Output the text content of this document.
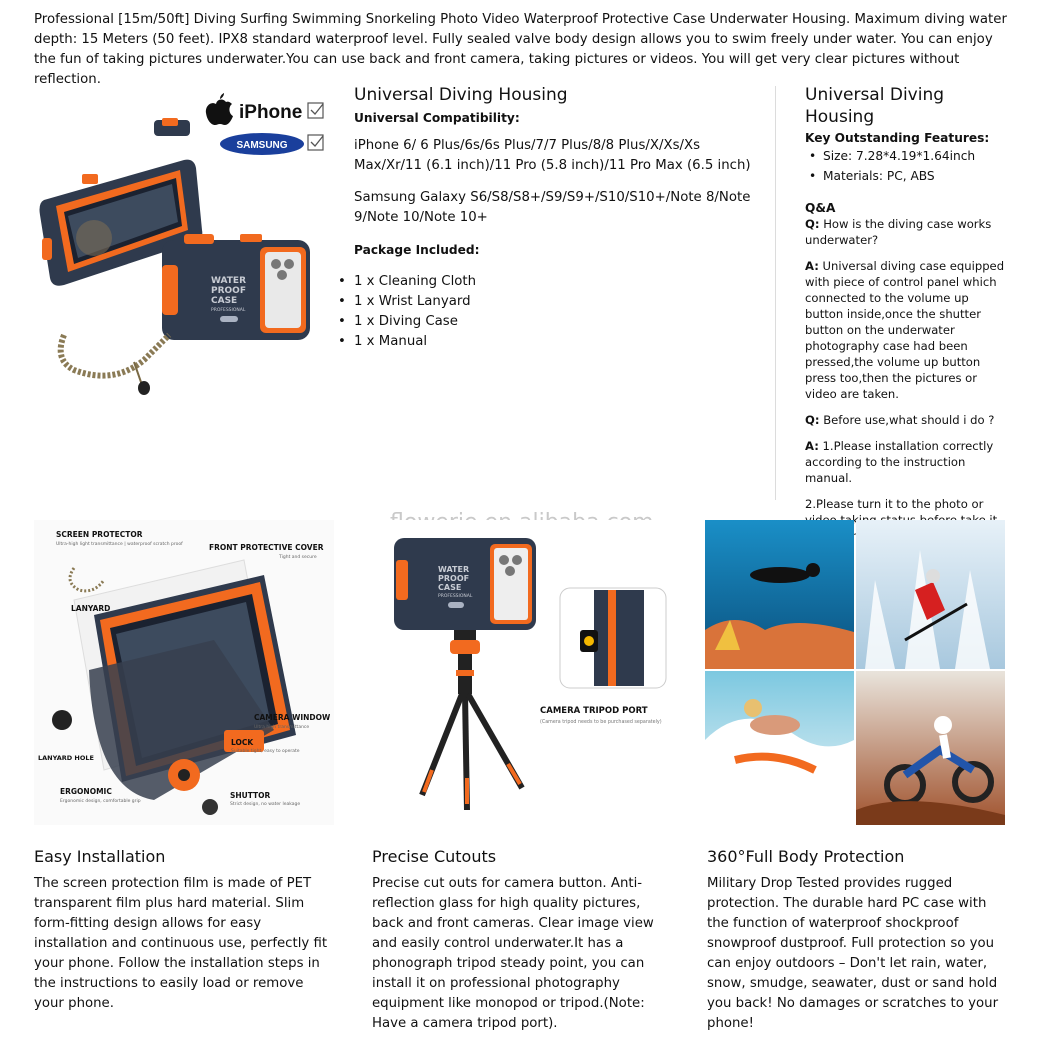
Professional [15m/50ft] Diving Surfing Swimming Snorkeling Photo Video Waterproof Protective Case Underwater Housing. Maximum diving water depth: 15 Meters (50 feet). IPX8 standard waterproof level. Fully sealed valve body design allows you to swim freely under water. You can enjoy the fun of taking pictures underwater.You can use back and front camera, taking pictures or videos. You will get very clear pictures without reflection.
iPhone
SAMSUNG
WATER
PROOF
CASE
PROFESSIONAL
Universal Diving Housing
Universal Compatibility:

iPhone 6/ 6 Plus/6s/6s Plus/7/7 Plus/8/8 Plus/X/Xs/Xs Max/Xr/11 (6.1 inch)/11 Pro (5.8 inch)/11 Pro Max (6.5 inch)

Samsung Galaxy S6/S8/S8+/S9/S9+/S10/S10+/Note 8/Note 9/Note 10/Note 10+

Package Included:
• 1 x Cleaning Cloth
• 1 x Wrist Lanyard
• 1 x Diving Case
• 1 x Manual
Universal Diving Housing
Key Outstanding Features:
• Size: 7.28*4.19*1.64inch
• Materials: PC, ABS
Q&A

Q: How is the diving case works underwater?

A: Universal diving case equipped with piece of control panel which connected to the volume up button inside,once the shutter button on the underwater photography case had been pressed,the volume up button press too,then the pictures or video are taken.

Q: Before use,what should i do ?

A: 1.Please installation correctly according to the instruction manual.

2.Please turn it to the photo or

SCREEN PROTECTOR
Ultra-high light transmittance | waterproof scratch proof	FRONT PROTECTIVE COVER
Tight and secure
LANYARD
CAMERA WINDOW
Ultra high transmittance
LANYARD HOLE
LOCK
Suitable tight, easy to operate
ERGONOMIC
Ergonomic design, comfortable grip
SHUTTOR
Strict design, no water leakage
WATER
PROOF
CASE
PROFESSIONAL
CAMERA TRIPOD PORT
(Camera tripod needs to be purchased separately)
Easy Installation

The screen protection film is made of PET transparent film plus hard material. Slim form-fitting design allows for easy installation and continuous use, perfectly fit your phone. Follow the installation steps in the instructions to easily load or remove your phone.

Precise Cutouts

Precise cut outs for camera button. Anti-reflection glass for high quality pictures, back and front cameras. Clear image view and easily control underwater.It has a phonograph tripod steady point, you can install it on professional photography equipment like monopod or tripod.(Note: Have a camera tripod port).

360°Full Body Protection

Military Drop Tested provides rugged protection. The durable hard PC case with the function of waterproof shockproof snowproof dustproof. Full protection so you can enjoy outdoors – Don't let rain, water, snow, smudge, seawater, dust or sand hold you back! No damages or scratches to your phone!
